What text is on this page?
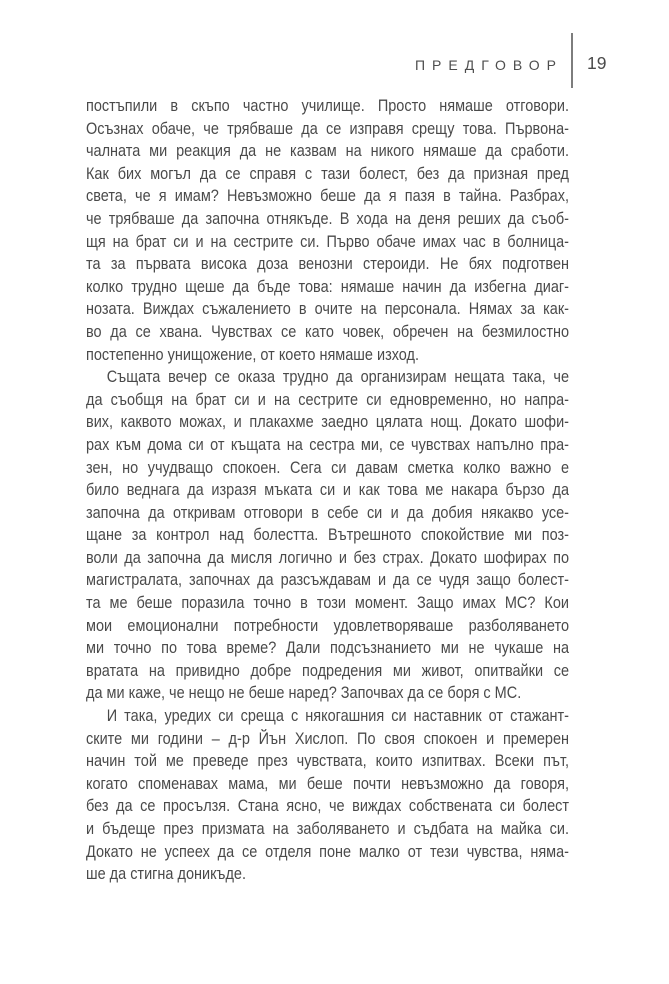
ПРЕДГОВОР 19
постъпили в скъпо частно училище. Просто нямаше отговори.
Осъзнах обаче, че трябваше да се изправя срещу това. Първона-
чалната ми реакция да не казвам на никого нямаше да сработи.
Как бих могъл да се справя с тази болест, без да призная пред
света, че я имам? Невъзможно беше да я пазя в тайна. Разбрах,
че трябваше да започна отнякъде. В хода на деня реших да съоб-
щя на брат си и на сестрите си. Първо обаче имах час в болница-
та за първата висока доза венозни стероиди. Не бях подготвен
колко трудно щеше да бъде това: нямаше начин да избегна диаг-
нозата. Виждах съжалението в очите на персонала. Нямах за как-
во да се хвана. Чувствах се като човек, обречен на безмилостно
постепенно унищожение, от което нямаше изход.
Същата вечер се оказа трудно да организирам нещата така, че
да съобщя на брат си и на сестрите си едновременно, но напра-
вих, каквото можах, и плакахме заедно цялата нощ. Докато шофи-
рах към дома си от къщата на сестра ми, се чувствах напълно пра-
зен, но учудващо спокоен. Сега си давам сметка колко важно е
било веднага да изразя мъката си и как това ме накара бързо да
започна да откривам отговори в себе си и да добия някакво усе-
щане за контрол над болестта. Вътрешното спокойствие ми поз-
воли да започна да мисля логично и без страх. Докато шофирах по
магистралата, започнах да разсъждавам и да се чудя защо болест-
та ме беше поразила точно в този момент. Защо имах МС? Кои
мои емоционални потребности удовлетворяваше разболяването
ми точно по това време? Дали подсъзнанието ми не чукаше на
вратата на привидно добре подредения ми живот, опитвайки се
да ми каже, че нещо не беше наред? Започвах да се боря с МС.
И така, уредих си среща с някогашния си наставник от стажант-
ските ми години – д-р Йън Хислоп. По своя спокоен и премерен
начин той ме преведе през чувствата, които изпитвах. Всеки път,
когато споменавах мама, ми беше почти невъзможно да говоря,
без да се просълзя. Стана ясно, че виждах собствената си болест
и бъдеще през призмата на заболяването и съдбата на майка си.
Докато не успеех да се отделя поне малко от тези чувства, няма-
ше да стигна доникъде.
